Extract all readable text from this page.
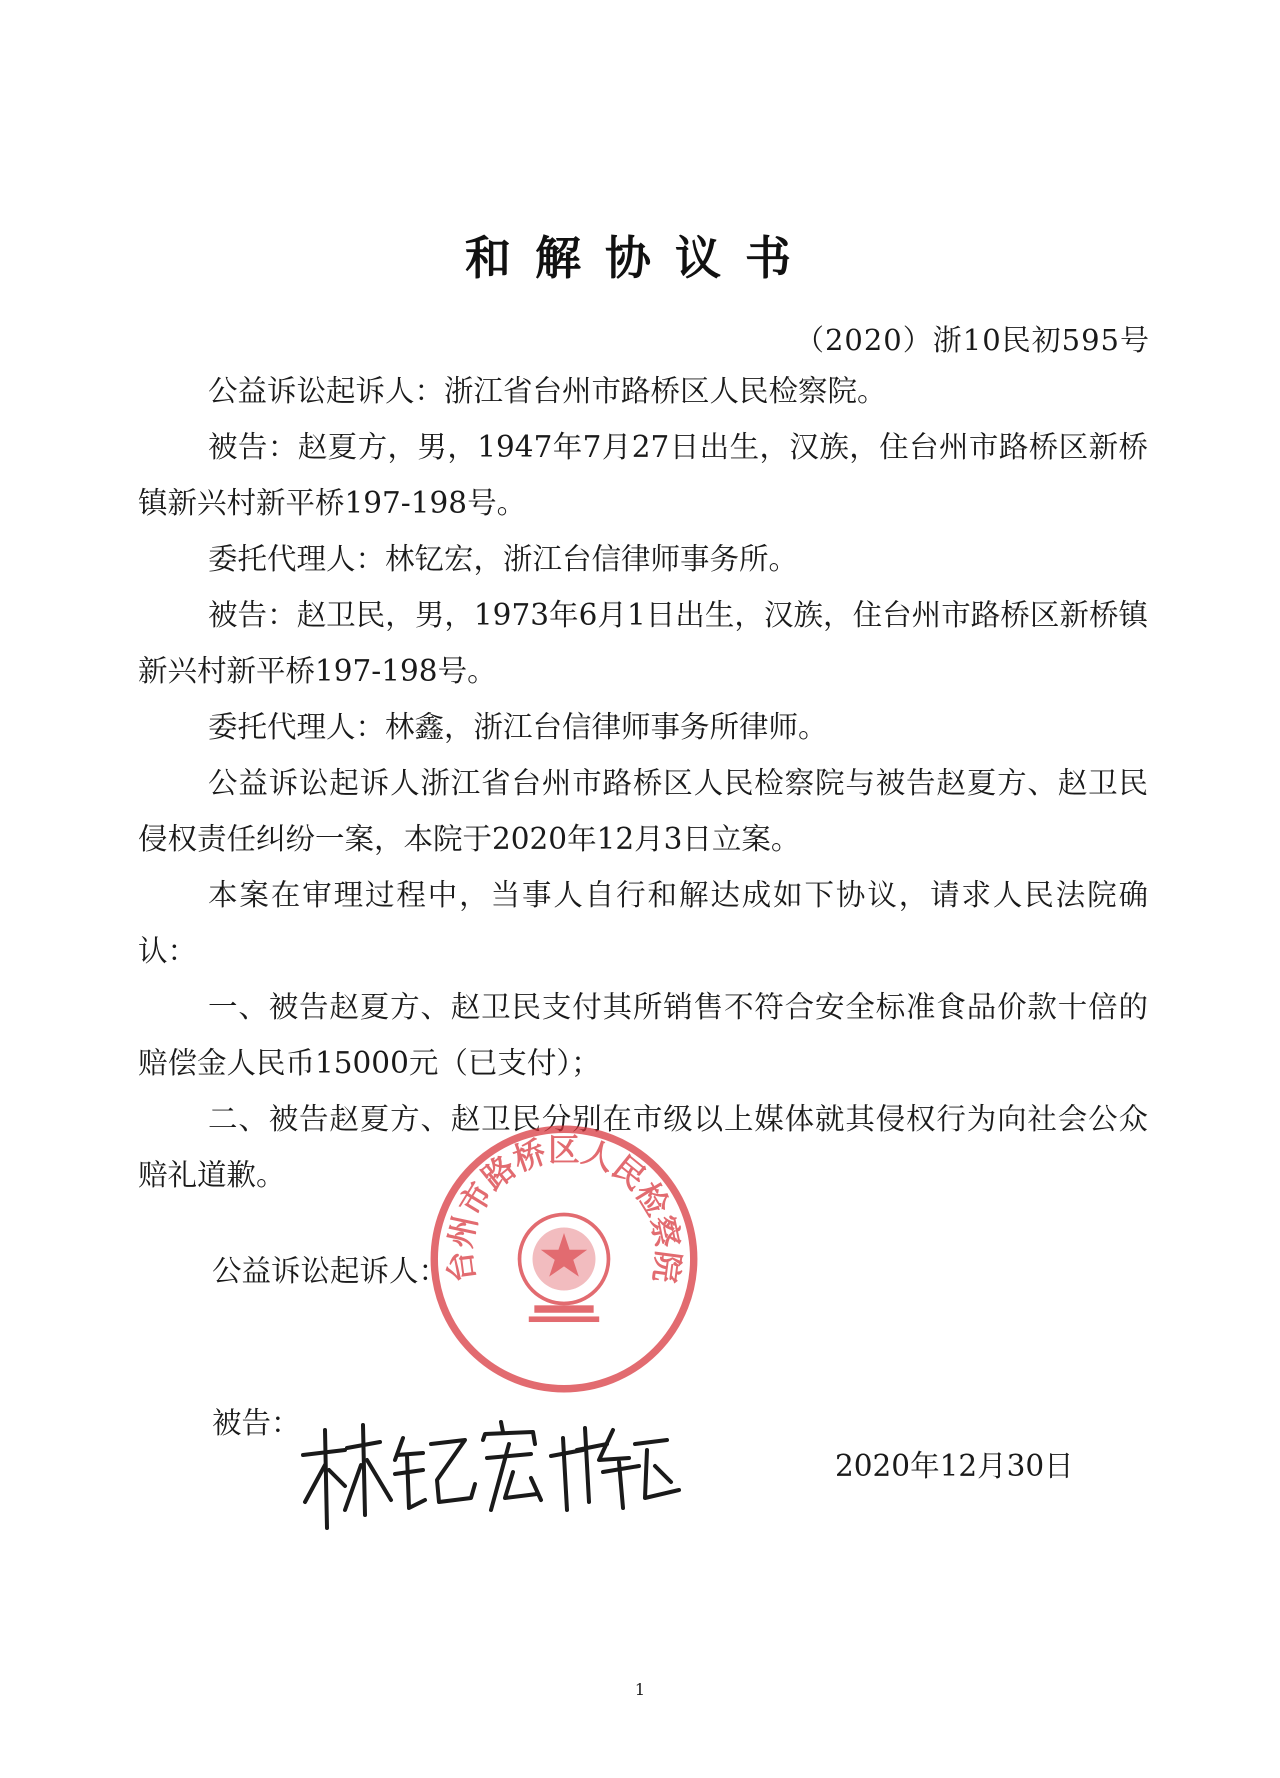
和解协议书
（2020）浙10民初595号
公益诉讼起诉人：浙江省台州市路桥区人民检察院。
被告：赵夏方，男，1947年7月27日出生，汉族，住台州市路桥区新桥镇新兴村新平桥197-198号。
委托代理人：林钇宏，浙江台信律师事务所。
被告：赵卫民，男，1973年6月1日出生，汉族，住台州市路桥区新桥镇新兴村新平桥197-198号。
委托代理人：林鑫，浙江台信律师事务所律师。
公益诉讼起诉人浙江省台州市路桥区人民检察院与被告赵夏方、赵卫民侵权责任纠纷一案，本院于2020年12月3日立案。
本案在审理过程中，当事人自行和解达成如下协议，请求人民法院确认：
一、被告赵夏方、赵卫民支付其所销售不符合安全标准食品价款十倍的赔偿金人民币15000元（已支付）；
二、被告赵夏方、赵卫民分别在市级以上媒体就其侵权行为向社会公众赔礼道歉。
公益诉讼起诉人：
被告：
台州市路桥区人民检察院
2020年12月30日
1
